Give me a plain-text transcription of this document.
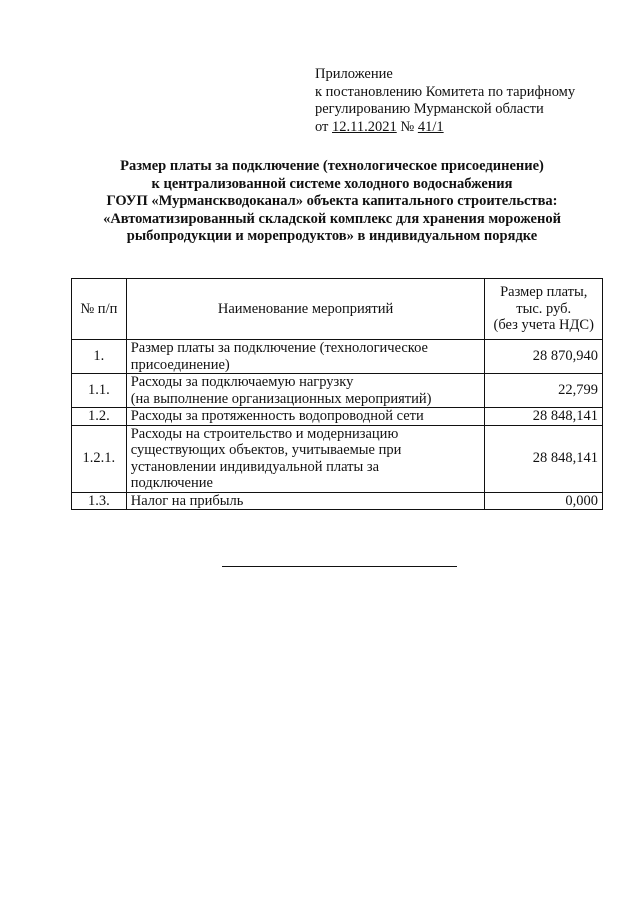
Приложение
к постановлению Комитета по тарифному
регулированию Мурманской области
от 12.11.2021 № 41/1
Размер платы за подключение (технологическое присоединение)
к централизованной системе холодного водоснабжения
ГОУП «Мурманскводоканал» объекта капитального строительства:
«Автоматизированный складской комплекс для хранения мороженой
рыбопродукции и морепродуктов» в индивидуальном порядке
№ п/п	Наименование мероприятий	Размер платы,
тыс. руб.
(без учета НДС)

1.	Размер платы за подключение (технологическое
присоединение)	28 870,940
1.1.	Расходы за подключаемую нагрузку
(на выполнение организационных мероприятий)	22,799
1.2.	Расходы за протяженность водопроводной сети	28 848,141
1.2.1.	Расходы на строительство и модернизацию
существующих объектов, учитываемые при
установлении индивидуальной платы за
подключение	28 848,141
1.3.	Налог на прибыль	0,000
